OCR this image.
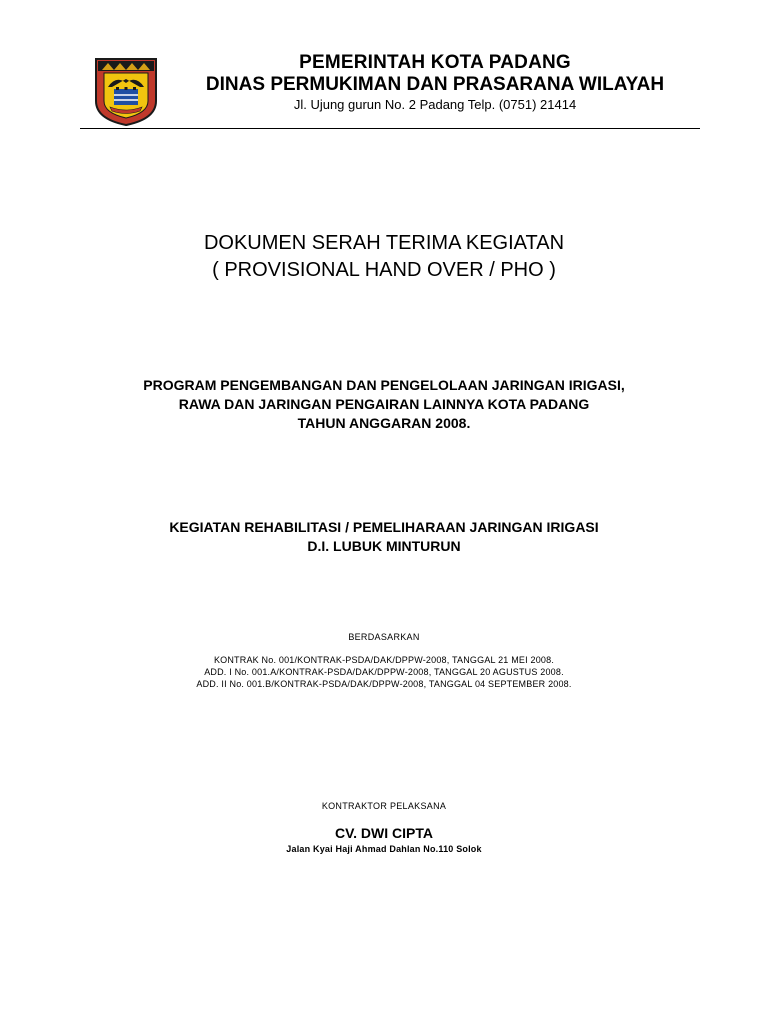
PEMERINTAH KOTA PADANG
DINAS PERMUKIMAN DAN PRASARANA WILAYAH
Jl. Ujung gurun No. 2 Padang Telp. (0751) 21414
DOKUMEN SERAH TERIMA KEGIATAN
( PROVISIONAL HAND OVER / PHO )
PROGRAM PENGEMBANGAN DAN PENGELOLAAN JARINGAN IRIGASI,
RAWA DAN JARINGAN PENGAIRAN LAINNYA KOTA PADANG
TAHUN ANGGARAN 2008.
KEGIATAN REHABILITASI / PEMELIHARAAN JARINGAN IRIGASI
D.I. LUBUK MINTURUN
BERDASARKAN
KONTRAK No. 001/KONTRAK-PSDA/DAK/DPPW-2008, TANGGAL 21 MEI 2008.
ADD. I No. 001.A/KONTRAK-PSDA/DAK/DPPW-2008, TANGGAL 20 AGUSTUS 2008.
ADD. II No. 001.B/KONTRAK-PSDA/DAK/DPPW-2008, TANGGAL 04 SEPTEMBER 2008.
KONTRAKTOR PELAKSANA
CV. DWI CIPTA
Jalan Kyai Haji Ahmad Dahlan No.110 Solok
